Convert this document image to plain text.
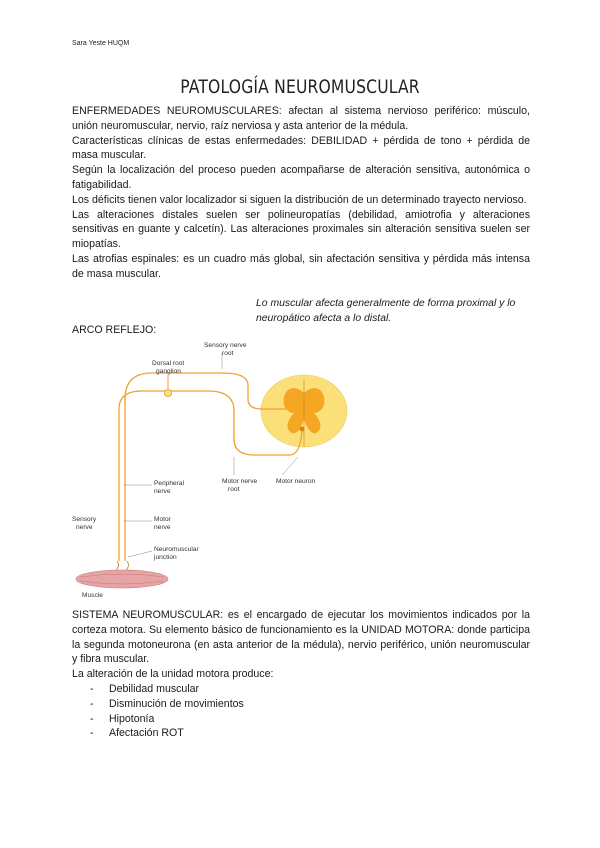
Sara Yeste HUQM
PATOLOGÍA NEUROMUSCULAR

ENFERMEDADES NEUROMUSCULARES: afectan al sistema nervioso periférico: músculo, unión neuromuscular, nervio, raíz nerviosa y asta anterior de la médula.

Características clínicas de estas enfermedades: DEBILIDAD + pérdida de tono + pérdida de masa muscular.

Según la localización del proceso pueden acompañarse de alteración sensitiva, autonómica o fatigabilidad.

Los déficits tienen valor localizador si siguen la distribución de un determinado trayecto nervioso.

Las alteraciones distales suelen ser polineuropatías (debilidad, amiotrofia y alteraciones sensitivas en guante y calcetín). Las alteraciones proximales sin alteración sensitiva suelen ser miopatías.

Las atrofias espinales: es un cuadro más global, sin afectación sensitiva y pérdida más intensa de masa muscular.

Lo muscular afecta generalmente de forma proximal y lo neuropático afecta a lo distal.
ARCO REFLEJO:
Sensory nerve
root
Dorsal root
ganglion
Motor neuron
Motor nerve
root
Peripheral
nerve
Sensory
nerve
Motor
nerve
Neuromuscular
junction
Muscle

SISTEMA NEUROMUSCULAR: es el encargado de ejecutar los movimientos indicados por la corteza motora. Su elemento básico de funcionamiento es la UNIDAD MOTORA: donde participa la segunda motoneurona (en asta anterior de la médula), nervio periférico, unión neuromuscular y fibra muscular.

La alteración de la unidad motora produce:

- Debilidad muscular
- Disminución de movimientos
- Hipotonía
- Afectación ROT
